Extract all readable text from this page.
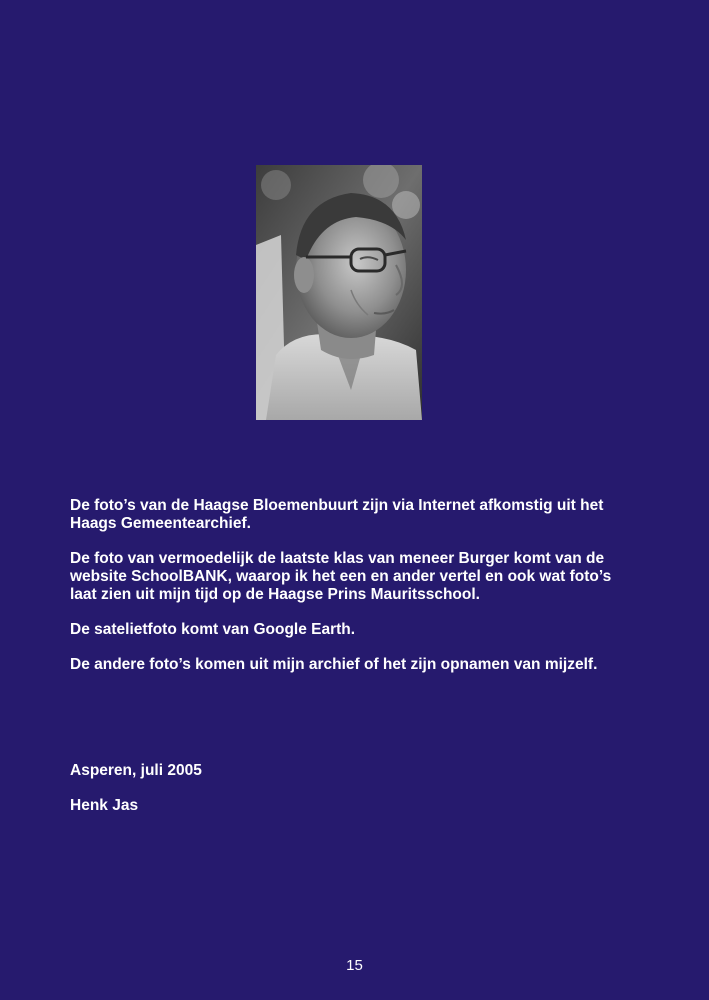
De foto’s van de Haagse Bloemenbuurt zijn via Internet afkomstig uit het Haags Gemeentearchief.

De foto van vermoedelijk de laatste klas van meneer Burger komt van de website SchoolBANK, waarop ik het een en ander vertel en ook wat foto’s laat zien uit mijn tijd op de Haagse Prins Mauritsschool.

De satelietfoto komt van Google Earth.

De andere foto’s komen uit mijn archief of het zijn opnamen van mijzelf.

Asperen, juli 2005
Henk Jas
15
